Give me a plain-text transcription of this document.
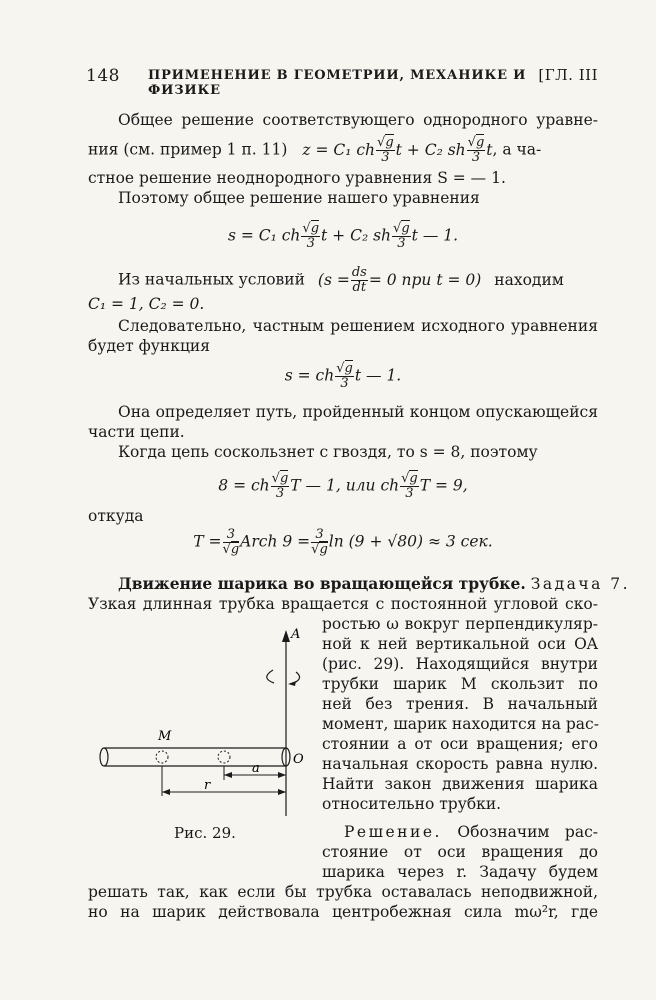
148 ПРИМЕНЕНИЕ В ГЕОМЕТРИИ, МЕХАНИКЕ И ФИЗИКЕ
[ГЛ. III
Общее решение соответствующего однородного уравне-
ния (см. пример 1 п. 11) z = C₁ ch $\frac{√g}{3}$ t + C₂ sh $\frac{√g}{3} t$, а ча-
стное решение неоднородного уравнения S = — 1.
Поэтому общее решение нашего уравнения
s = C₁ ch $\frac{√g}{3}$ t + C₂ sh $\frac{√g}{3}$ t — 1.
Из начальных условий ($s = \frac{ds}{dt} = 0$ при t = 0) находим
C₁ = 1, C₂ = 0.
Следовательно, частным решением исходного уравнения
будет функция
s = ch $\frac{√g}{3}$ t — 1.
Она определяет путь, пройденный концом опускающейся
части цепи.
Когда цепь соскользнет с гвоздя, то s = 8, поэтому
8 = ch $\frac{√g}{3}$ T — 1, или ch $\frac{√g}{3}$ T = 9,
откуда
$T = \frac{3}{√g}$ Arch $9 = \frac{3}{√g}$ ln (9 + √80) ≈ 3 сек.
Движение шарика во вращающейся трубке. Задача 7.
Узкая длинная трубка вращается с постоянной угловой ско-
ростью ω вокруг перпендикуляр-
ной к ней вертикальной оси OA
(рис. 29). Находящийся внутри
трубки шарик M скользит по
ней без трения. В начальный
момент, шарик находится на рас-
стоянии a от оси вращения; его
начальная скорость равна нулю.
Найти закон движения шарика
относительно трубки.
Решение. Обозначим рас-
стояние от оси вращения до
шарика через r. Задачу будем
решать так, как если бы трубка оставалась неподвижной,
но на шарик действовала центробежная сила mω²r, где
A
M
O
a
r
Рис. 29.
